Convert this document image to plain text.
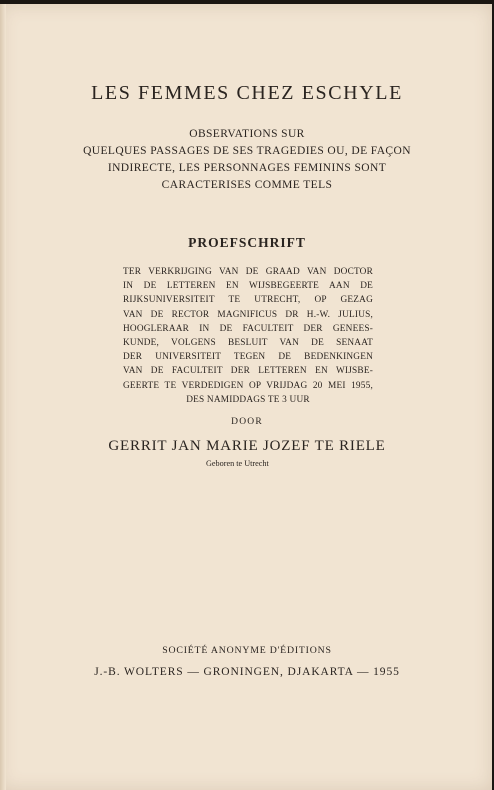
LES FEMMES CHEZ ESCHYLE
OBSERVATIONS SUR
QUELQUES PASSAGES DE SES TRAGEDIES OU, DE FAÇON
INDIRECTE, LES PERSONNAGES FEMININS SONT
CARACTERISES COMME TELS
PROEFSCHRIFT
TER VERKRIJGING VAN DE GRAAD VAN DOCTOR
IN DE LETTEREN EN WIJSBEGEERTE AAN DE
RIJKSUNIVERSITEIT TE UTRECHT, OP GEZAG
VAN DE RECTOR MAGNIFICUS DR H.-W. JULIUS,
HOOGLERAAR IN DE FACULTEIT DER GENEES-
KUNDE, VOLGENS BESLUIT VAN DE SENAAT
DER UNIVERSITEIT TEGEN DE BEDENKINGEN
VAN DE FACULTEIT DER LETTEREN EN WIJSBE-
GEERTE TE VERDEDIGEN OP VRIJDAG 20 MEI 1955,
DES NAMIDDAGS TE 3 UUR
DOOR
GERRIT JAN MARIE JOZEF TE RIELE
Geboren te Utrecht
SOCIÉTÉ ANONYME D'ÉDITIONS
J.-B. WOLTERS — GRONINGEN, DJAKARTA — 1955
